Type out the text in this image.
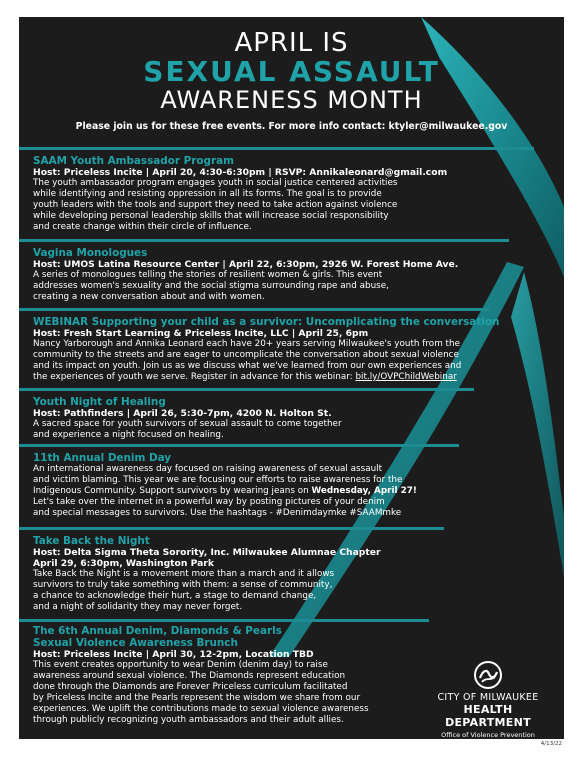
APRIL IS
SEXUAL ASSAULT
AWARENESS MONTH
Please join us for these free events. For more info contact: ktyler@milwaukee.gov
SAAM Youth Ambassador Program
Host: Priceless Incite | April 20, 4:30-6:30pm | RSVP: Annikaleonard@gmail.com
The youth ambassador program engages youth in social justice centered activities
while identifying and resisting oppression in all its forms. The goal is to provide
youth leaders with the tools and support they need to take action against violence
while developing personal leadership skills that will increase social responsibility
and create change within their circle of influence.
Vagina Monologues
Host: UMOS Latina Resource Center | April 22, 6:30pm, 2926 W. Forest Home Ave.
A series of monologues telling the stories of resilient women & girls. This event
addresses women's sexuality and the social stigma surrounding rape and abuse,
creating a new conversation about and with women.
WEBINAR Supporting your child as a survivor: Uncomplicating the conversation
Host: Fresh Start Learning & Priceless Incite, LLC | April 25, 6pm
Nancy Yarborough and Annika Leonard each have 20+ years serving Milwaukee's youth from the
community to the streets and are eager to uncomplicate the conversation about sexual violence
and its impact on youth. Join us as we discuss what we've learned from our own experiences and
the experiences of youth we serve. Register in advance for this webinar: bit.ly/OVPChildWebinar
Youth Night of Healing
Host: Pathfinders | April 26, 5:30-7pm, 4200 N. Holton St.
A sacred space for youth survivors of sexual assault to come together
and experience a night focused on healing.
11th Annual Denim Day
An international awareness day focused on raising awareness of sexual assault
and victim blaming. This year we are focusing our efforts to raise awareness for the
Indigenous Community. Support survivors by wearing jeans on Wednesday, April 27!
Let's take over the internet in a powerful way by posting pictures of your denim
and special messages to survivors. Use the hashtags - #Denimdaymke #SAAMmke
Take Back the Night
Host: Delta Sigma Theta Sorority, Inc. Milwaukee Alumnae Chapter
April 29, 6:30pm, Washington Park
Take Back the Night is a movement more than a march and it allows
survivors to truly take something with them: a sense of community,
a chance to acknowledge their hurt, a stage to demand change,
and a night of solidarity they may never forget.
The 6th Annual Denim, Diamonds & Pearls
Sexual Violence Awareness Brunch
Host: Priceless Incite | April 30, 12-2pm, Location TBD
This event creates opportunity to wear Denim (denim day) to raise
awareness around sexual violence. The Diamonds represent education
done through the Diamonds are Forever Priceless curriculum facilitated
by Priceless Incite and the Pearls represent the wisdom we share from our
experiences. We uplift the contributions made to sexual violence awareness
through publicly recognizing youth ambassadors and their adult allies.
CITY OF MILWAUKEE
HEALTH DEPARTMENT
Office of Violence Prevention
4/13/22
